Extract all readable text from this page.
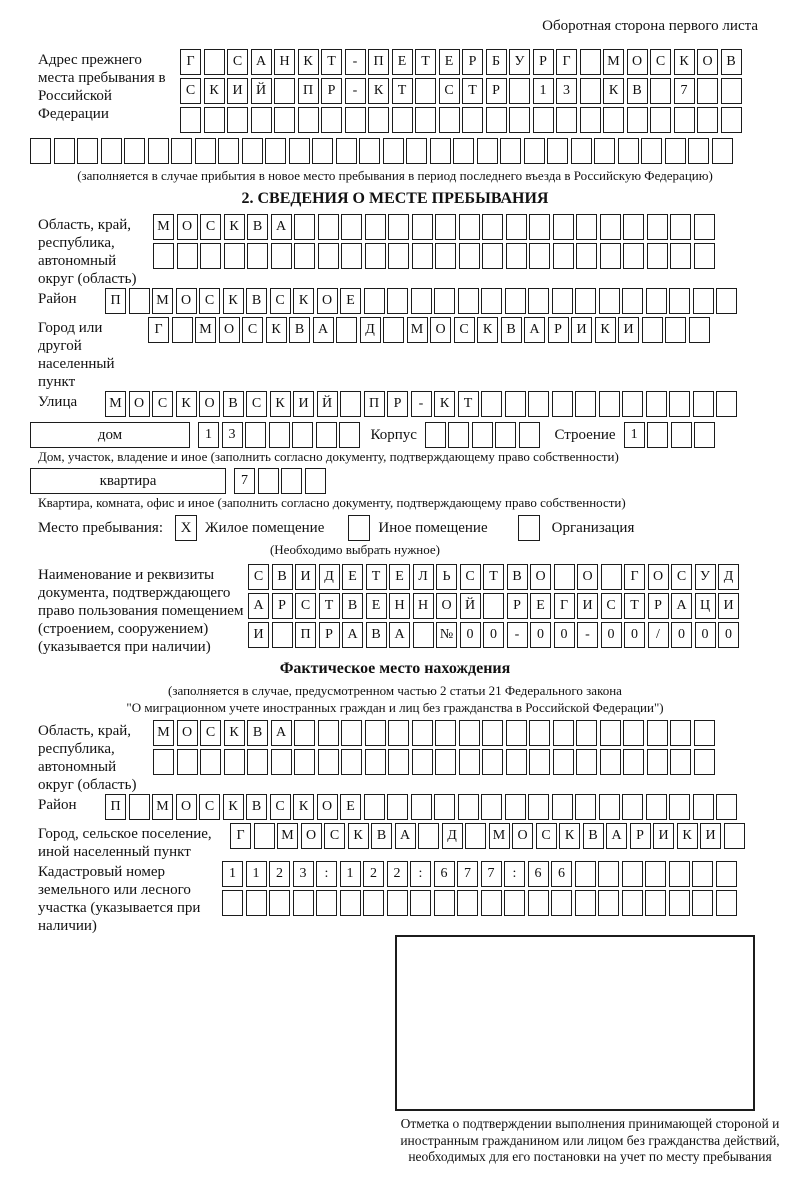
Оборотная сторона первого листа
Адрес прежнего места пребывания в Российской Федерации
Г	С А Н К	Т	-	П	Е	Т	Е	Р	Б	У	Р	Г	М О С	К О В
С	К И Й	П	Р	-	К	Т	С	Т	Р	1	3	К	В	7
(заполняется в случае прибытия в новое место пребывания в период последнего въезда в Российскую Федерацию)
2. СВЕДЕНИЯ О МЕСТЕ ПРЕБЫВАНИЯ
Область, край, республика, автономный округ (область)
М О С	К	В А
Район	П	М О С	К	В	С	К О	Е
Город или другой населенный пункт
Г	М О С	К	В А	Д	М О С	К	В А	Р	И К И
Улица	М О С	К О В	С	К И Й	П	Р	-	К	Т
дом	1	3	Корпус	Строение	1
Дом, участок, владение и иное (заполнить согласно документу, подтверждающему право собственности)
квартира	7
Квартира, комната, офис и иное (заполнить согласно документу, подтверждающему право собственности)
Место пребывания:	X Жилое помещение	Иное помещение	Организация
(Необходимо выбрать нужное)
Наименование и реквизиты документа, подтверждающего право пользования помещением (строением, сооружением) (указывается при наличии)
С	В И Д	Е	Т	Е	Л	Ь	С	Т	В О	О	Г	О С У Д
А	Р	С	Т	В	Е	Н Н О Й	Р	Е	Г	И С	Т	Р	А Ц И
И	П	Р	А В А	№ 0	0	-	0	0	-	0	0	/	0	0	0
Фактическое место нахождения
(заполняется в случае, предусмотренном частью 2 статьи 21 Федерального закона
"О миграционном учете иностранных граждан и лиц без гражданства в Российской Федерации")
Область, край, республика, автономный округ (область)
М О С	К	В А
Район	П	М О С	К	В	С	К О	Е
Город, сельское поселение, иной населенный пункт
Г	М О С	К	В А	Д	М О С	К	В А	Р	И К И
Кадастровый номер земельного или лесного участка (указывается при наличии)
1	1	2	3	:	1	2	2	:	6	7	7	:	6	6
Отметка о подтверждении выполнения принимающей стороной и иностранным гражданином или лицом без гражданства действий, необходимых для его постановки на учет по месту пребывания
